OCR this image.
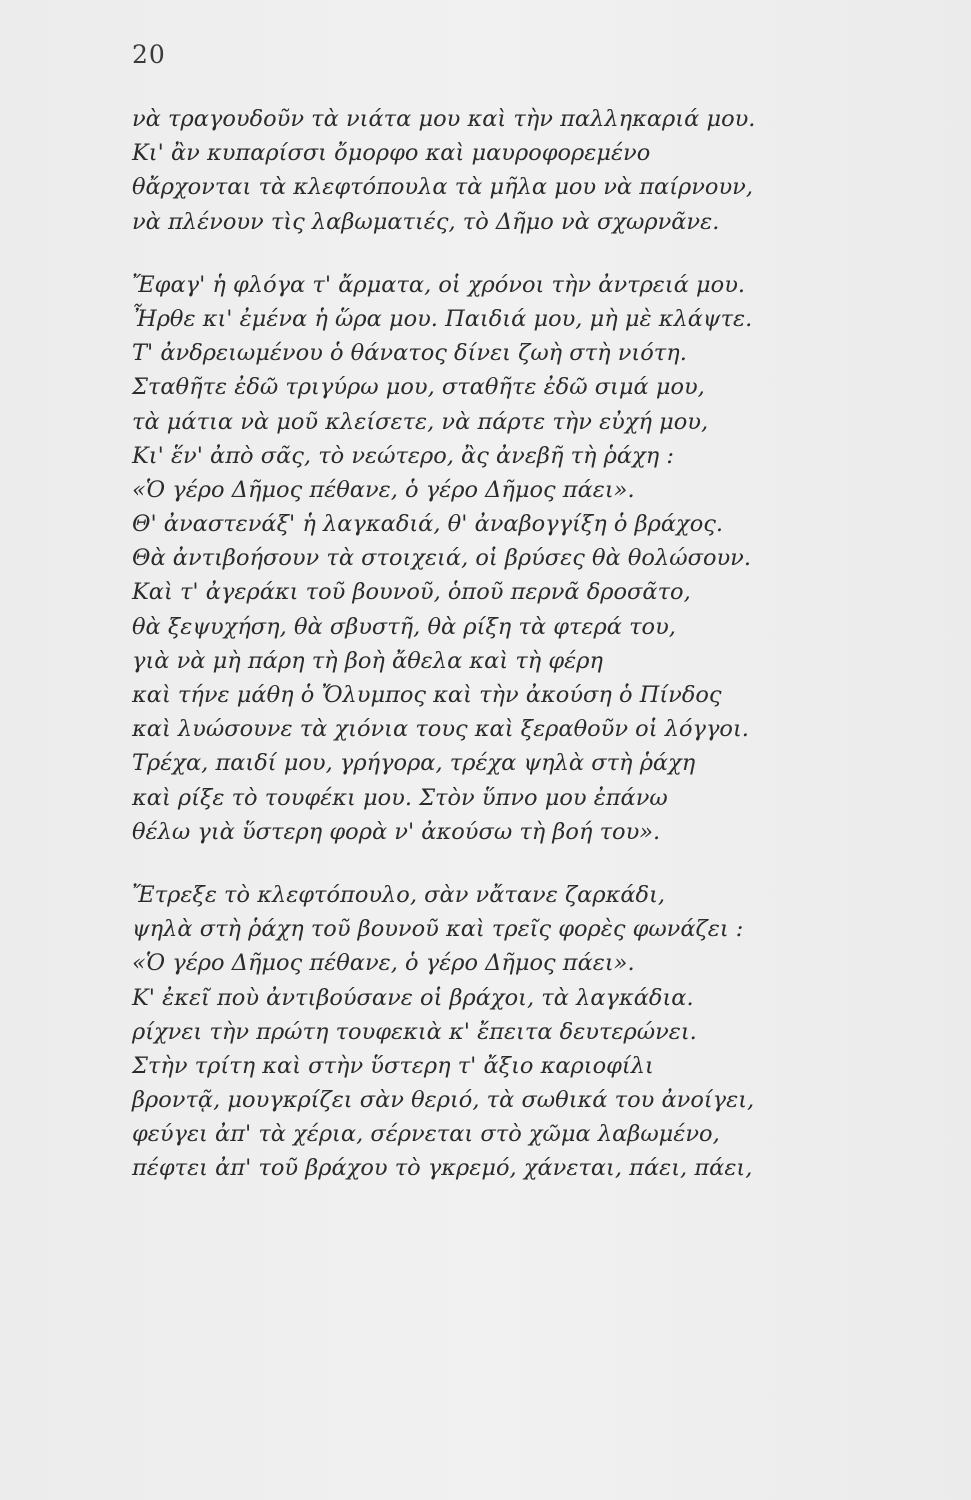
20
νὰ τραγουδοῦν τὰ νιάτα μου καὶ τὴν παλληκαριά μου.
Κι' ἂν κυπαρίσσι ὄμορφο καὶ μαυροφορεμένο
θἄρχονται τὰ κλεφτόπουλα τὰ μῆλα μου νὰ παίρνουν,
νὰ πλένουν τὶς λαβωματιές, τὸ Δῆμο νὰ σχωρνᾶνε.
Ἔφαγ' ἡ φλόγα τ' ἄρματα, οἱ χρόνοι τὴν ἀντρειά μου.
Ἦρθε κι' ἐμένα ἡ ὥρα μου. Παιδιά μου, μὴ μὲ κλάψτε.
Τ' ἀνδρειωμένου ὁ θάνατος δίνει ζωὴ στὴ νιότη.
Σταθῆτε ἐδῶ τριγύρω μου, σταθῆτε ἐδῶ σιμά μου,
τὰ μάτια νὰ μοῦ κλείσετε, νὰ πάρτε τὴν εὐχή μου,
Κι' ἕν' ἀπὸ σᾶς, τὸ νεώτερο, ἂς ἀνεβῆ τὴ ῥάχη :
«Ὁ γέρο Δῆμος πέθανε, ὁ γέρο Δῆμος πάει».
Θ' ἀναστενάξ' ἡ λαγκαδιά, θ' ἀναβογγίξη ὁ βράχος.
Θὰ ἀντιβοήσουν τὰ στοιχειά, οἱ βρύσες θὰ θολώσουν.
Καὶ τ' ἀγεράκι τοῦ βουνοῦ, ὁποῦ περνᾶ δροσᾶτο,
θὰ ξεψυχήση, θὰ σβυστῆ, θὰ ρίξη τὰ φτερά του,
γιὰ νὰ μὴ πάρη τὴ βοὴ ἄθελα καὶ τὴ φέρη
καὶ τήνε μάθη ὁ Ὄλυμπος καὶ τὴν ἀκούση ὁ Πίνδος
καὶ λυώσουνε τὰ χιόνια τους καὶ ξεραθοῦν οἱ λόγγοι.
Τρέχα, παιδί μου, γρήγορα, τρέχα ψηλὰ στὴ ῥάχη
καὶ ρίξε τὸ τουφέκι μου. Στὸν ὕπνο μου ἐπάνω
θέλω γιὰ ὕστερη φορὰ ν' ἀκούσω τὴ βοή του».
Ἔτρεξε τὸ κλεφτόπουλο, σὰν νἄτανε ζαρκάδι,
ψηλὰ στὴ ῥάχη τοῦ βουνοῦ καὶ τρεῖς φορὲς φωνάζει :
«Ὁ γέρο Δῆμος πέθανε, ὁ γέρο Δῆμος πάει».
Κ' ἐκεῖ ποὺ ἀντιβούσανε οἱ βράχοι, τὰ λαγκάδια.
ρίχνει τὴν πρώτη τουφεκιὰ κ' ἔπειτα δευτερώνει.
Στὴν τρίτη καὶ στὴν ὕστερη τ' ἄξιο καριοφίλι
βροντᾷ, μουγκρίζει σὰν θεριό, τὰ σωθικά του ἀνοίγει,
φεύγει ἀπ' τὰ χέρια, σέρνεται στὸ χῶμα λαβωμένο,
πέφτει ἀπ' τοῦ βράχου τὸ γκρεμό, χάνεται, πάει, πάει,
